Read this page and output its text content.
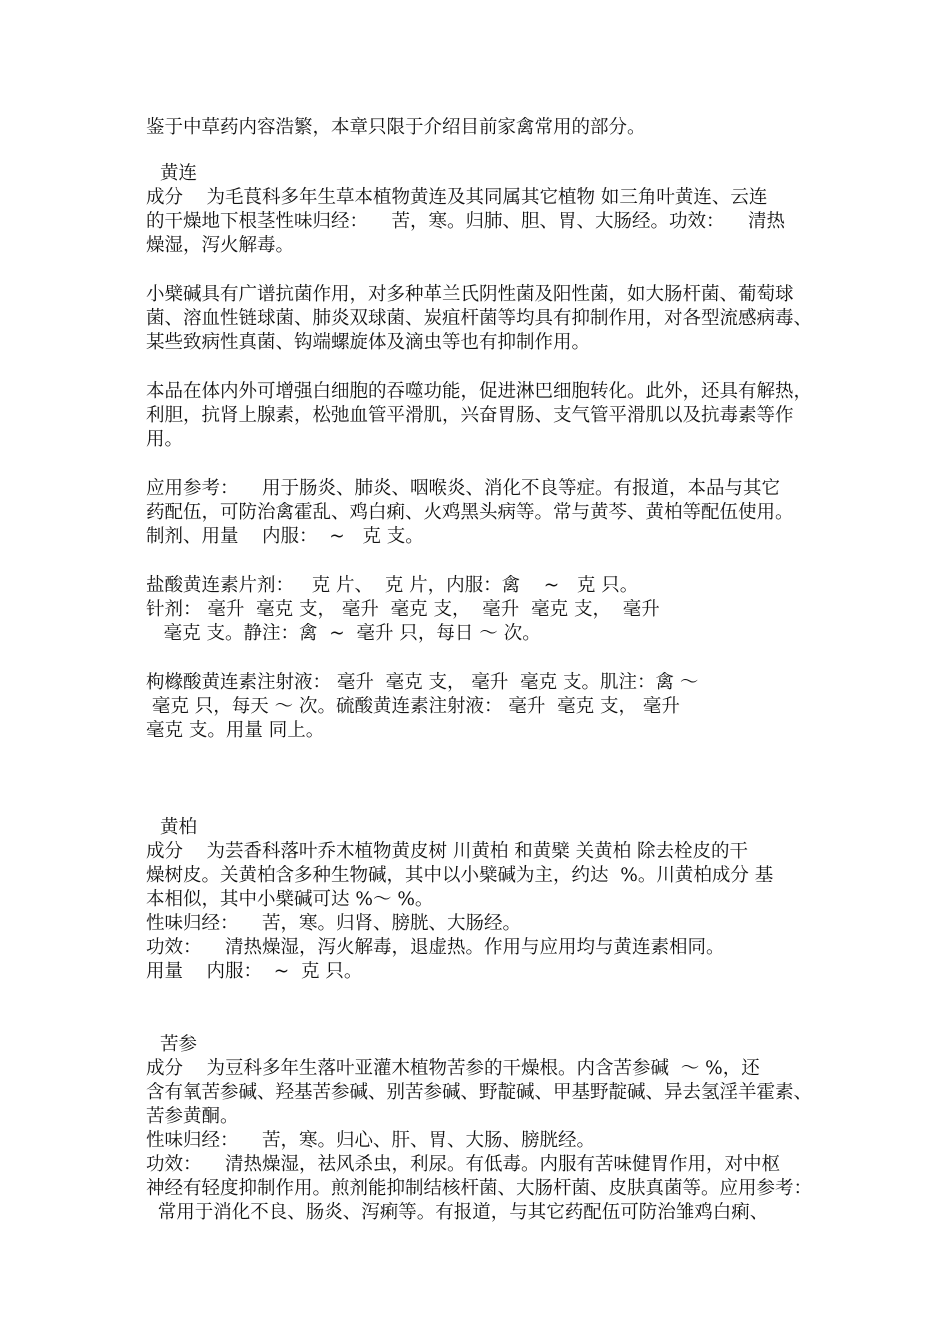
鉴于中草药内容浩繁，本章只限于介绍目前家禽常用的部分。
黄连
成分    为毛茛科多年生草本植物黄连及其同属其它植物 如三角叶黄连、云连
的干燥地下根茎性味归经：    苦，寒。归肺、胆、胃、大肠经。功效：    清热
燥湿，泻火解毒。
小檗碱具有广谱抗菌作用，对多种革兰氏阴性菌及阳性菌，如大肠杆菌、葡萄球
菌、溶血性链球菌、肺炎双球菌、炭疽杆菌等均具有抑制作用，对各型流感病毒、
某些致病性真菌、钩端螺旋体及滴虫等也有抑制作用。
本品在体内外可增强白细胞的吞噬功能，促进淋巴细胞转化。此外，还具有解热，
利胆，抗肾上腺素，松弛血管平滑肌，兴奋胃肠、支气管平滑肌以及抗毒素等作
用。
应用参考：    用于肠炎、肺炎、咽喉炎、消化不良等症。有报道，本品与其它
药配伍，可防治禽霍乱、鸡白痢、火鸡黑头病等。常与黄芩、黄柏等配伍使用。
制剂、用量    内服：  ~   克 支。
盐酸黄连素片剂：   克 片、  克 片，内服：禽    ~   克 只。
针剂： 毫升  毫克 支， 毫升  毫克 支，  毫升  毫克 支，  毫升
毫克 支。静注：禽  ~  毫升 只，每日 ～ 次。
枸橼酸黄连素注射液： 毫升  毫克 支， 毫升  毫克 支。肌注：禽 ～
毫克 只，每天 ～ 次。硫酸黄连素注射液： 毫升  毫克 支， 毫升
毫克 支。用量 同上。
黄柏
成分    为芸香科落叶乔木植物黄皮树 川黄柏 和黄檗 关黄柏 除去栓皮的干
燥树皮。关黄柏含多种生物碱，其中以小檗碱为主，约达  %。川黄柏成分 基
本相似，其中小檗碱可达 %～ %。
性味归经：    苦，寒。归肾、膀胱、大肠经。
功效：    清热燥湿，泻火解毒，退虚热。作用与应用均与黄连素相同。
用量    内服：  ~  克 只。
苦参
成分    为豆科多年生落叶亚灌木植物苦参的干燥根。内含苦参碱  ～ %，还
含有氧苦参碱、羟基苦参碱、别苦参碱、野靛碱、甲基野靛碱、异去氢淫羊霍素、
苦参黄酮。
性味归经：    苦，寒。归心、肝、胃、大肠、膀胱经。
功效：    清热燥湿，祛风杀虫，利尿。有低毒。内服有苦味健胃作用，对中枢
神经有轻度抑制作用。煎剂能抑制结核杆菌、大肠杆菌、皮肤真菌等。应用参考：
常用于消化不良、肠炎、泻痢等。有报道，与其它药配伍可防治雏鸡白痢、
